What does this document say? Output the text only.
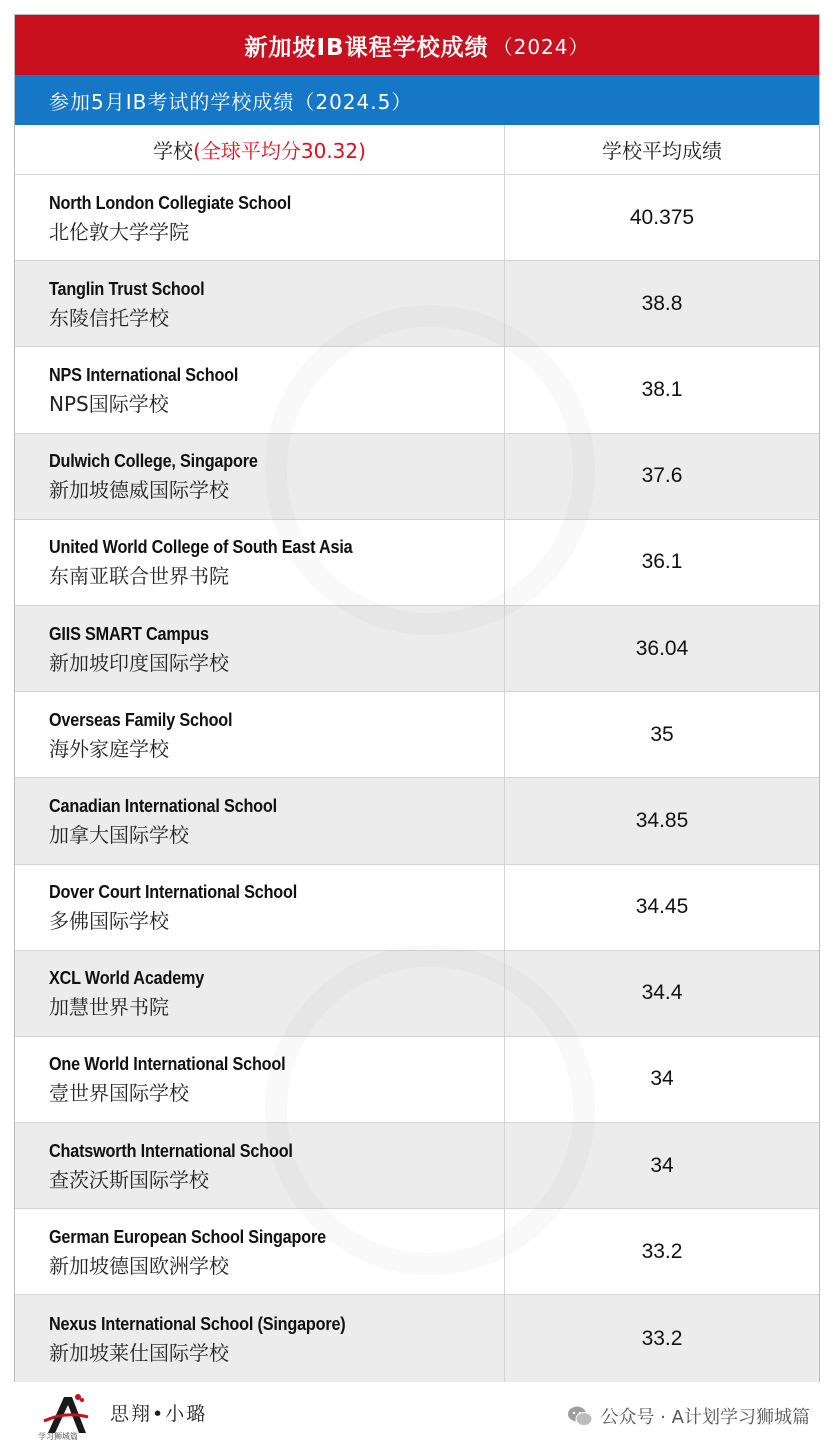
新加坡IB课程学校成绩 （2024）
参加5月IB考试的学校成绩（2024.5）
学校 (全球平均分30.32)	学校平均成绩
North London Collegiate School
北伦敦大学学院
40.375
Tanglin Trust School
东陵信托学校
38.8
NPS International School
NPS国际学校
38.1
Dulwich College, Singapore
新加坡德威国际学校
37.6
United World College of South East Asia
东南亚联合世界书院
36.1
GIIS SMART Campus
新加坡印度国际学校
36.04
Overseas Family School
海外家庭学校
35
Canadian International School
加拿大国际学校
34.85
Dover Court International School
多佛国际学校
34.45
XCL World Academy
加慧世界书院
34.4
One World International School
壹世界国际学校
34
Chatsworth International School
查茨沃斯国际学校
34
German European School Singapore
新加坡德国欧洲学校
33.2
Nexus International School (Singapore)
新加坡莱仕国际学校
33.2
学习狮城篇
思翔•小璐	公众号 · A计划学习狮城篇
